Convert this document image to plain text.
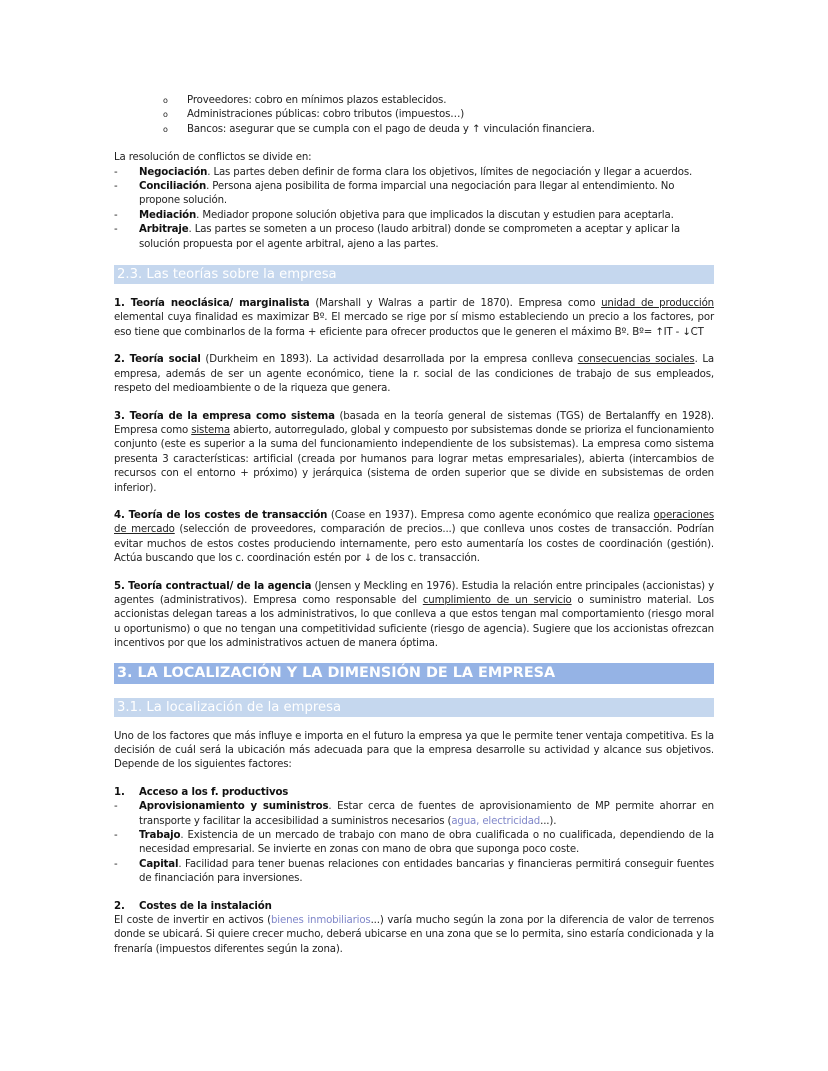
o	Proveedores: cobro en mínimos plazos establecidos.
o	Administraciones públicas: cobro tributos (impuestos…)
o	Bancos: asegurar que se cumpla con el pago de deuda y ↑ vinculación financiera.

La resolución de conflictos se divide en:

-	Negociación. Las partes deben definir de forma clara los objetivos, límites de negociación y llegar a acuerdos.
-	Conciliación. Persona ajena posibilita de forma imparcial una negociación para llegar al entendimiento. No propone solución.
-	Mediación. Mediador propone solución objetiva para que implicados la discutan y estudien para aceptarla.
-	Arbitraje. Las partes se someten a un proceso (laudo arbitral) donde se comprometen a aceptar y aplicar la solución propuesta por el agente arbitral, ajeno a las partes.
2.3. Las teorías sobre la empresa

1. Teoría neoclásica/ marginalista (Marshall y Walras a partir de 1870). Empresa como unidad de producción elemental cuya finalidad es maximizar Bº. El mercado se rige por sí mismo estableciendo un precio a los factores, por eso tiene que combinarlos de la forma + eficiente para ofrecer productos que le generen el máximo Bº. Bº= ↑IT - ↓CT

2. Teoría social (Durkheim en 1893). La actividad desarrollada por la empresa conlleva consecuencias sociales. La empresa, además de ser un agente económico, tiene la r. social de las condiciones de trabajo de sus empleados, respeto del medioambiente o de la riqueza que genera.

3. Teoría de la empresa como sistema (basada en la teoría general de sistemas (TGS) de Bertalanffy en 1928). Empresa como sistema abierto, autorregulado, global y compuesto por subsistemas donde se prioriza el funcionamiento conjunto (este es superior a la suma del funcionamiento independiente de los subsistemas). La empresa como sistema presenta 3 características: artificial (creada por humanos para lograr metas empresariales), abierta (intercambios de recursos con el entorno + próximo) y jerárquica (sistema de orden superior que se divide en subsistemas de orden inferior).

4. Teoría de los costes de transacción (Coase en 1937). Empresa como agente económico que realiza operaciones de mercado (selección de proveedores, comparación de precios...) que conlleva unos costes de transacción. Podrían evitar muchos de estos costes produciendo internamente, pero esto aumentaría los costes de coordinación (gestión). Actúa buscando que los c. coordinación estén por ↓ de los c. transacción.

5. Teoría contractual/ de la agencia (Jensen y Meckling en 1976). Estudia la relación entre principales (accionistas) y agentes (administrativos). Empresa como responsable del cumplimiento de un servicio o suministro material. Los accionistas delegan tareas a los administrativos, lo que conlleva a que estos tengan mal comportamiento (riesgo moral u oportunismo) o que no tengan una competitividad suficiente (riesgo de agencia). Sugiere que los accionistas ofrezcan incentivos por que los administrativos actuen de manera óptima.

3. LA LOCALIZACIÓN Y LA DIMENSIÓN DE LA EMPRESA
3.1. La localización de la empresa

Uno de los factores que más influye e importa en el futuro la empresa ya que le permite tener ventaja competitiva. Es la decisión de cuál será la ubicación más adecuada para que la empresa desarrolle su actividad y alcance sus objetivos. Depende de los siguientes factores:

1.	Acceso a los f. productivos
-	Aprovisionamiento y suministros. Estar cerca de fuentes de aprovisionamiento de MP permite ahorrar en transporte y facilitar la accesibilidad a suministros necesarios (agua, electricidad...).
-	Trabajo. Existencia de un mercado de trabajo con mano de obra cualificada o no cualificada, dependiendo de la necesidad empresarial. Se invierte en zonas con mano de obra que suponga poco coste.
-	Capital. Facilidad para tener buenas relaciones con entidades bancarias y financieras permitirá conseguir fuentes de financiación para inversiones.
2.	Costes de la instalación

El coste de invertir en activos (bienes inmobiliarios...) varía mucho según la zona por la diferencia de valor de terrenos donde se ubicará. Si quiere crecer mucho, deberá ubicarse en una zona que se lo permita, sino estaría condicionada y la frenaría (impuestos diferentes según la zona).
